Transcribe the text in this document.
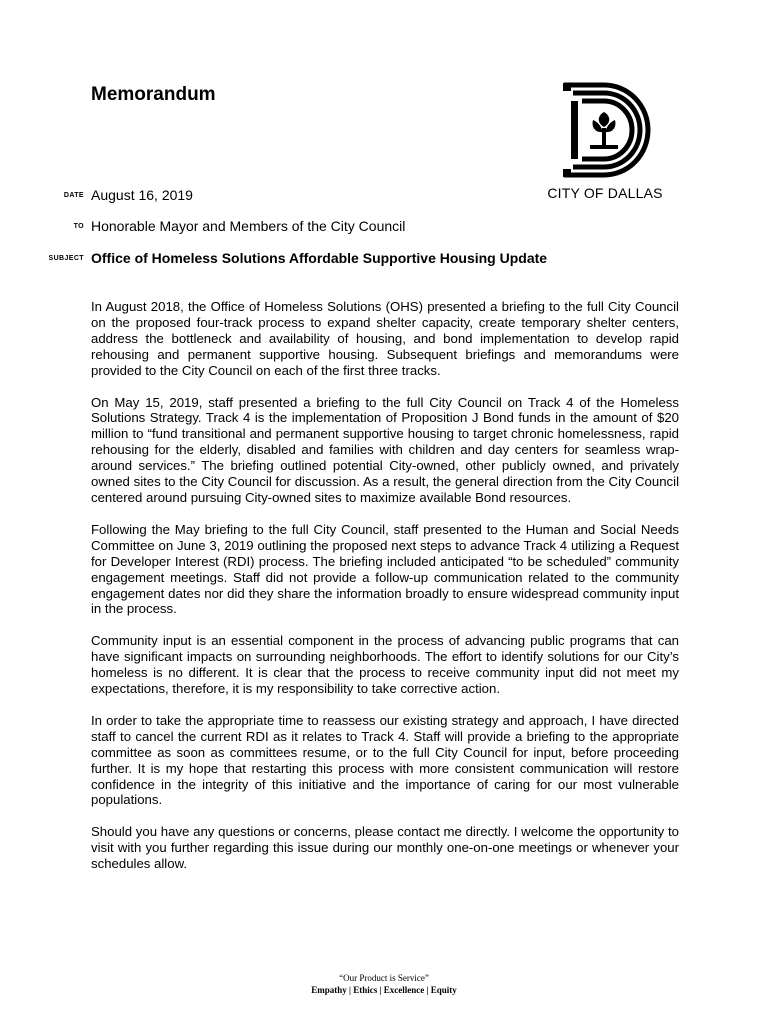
Memorandum
CITY OF DALLAS
DATE August 16, 2019
TO Honorable Mayor and Members of the City Council
SUBJECT Office of Homeless Solutions Affordable Supportive Housing Update

In August 2018, the Office of Homeless Solutions (OHS) presented a briefing to the full City Council on the proposed four-track process to expand shelter capacity, create temporary shelter centers, address the bottleneck and availability of housing, and bond implementation to develop rapid rehousing and permanent supportive housing. Subsequent briefings and memorandums were provided to the City Council on each of the first three tracks.

On May 15, 2019, staff presented a briefing to the full City Council on Track 4 of the Homeless Solutions Strategy. Track 4 is the implementation of Proposition J Bond funds in the amount of $20 million to “fund transitional and permanent supportive housing to target chronic homelessness, rapid rehousing for the elderly, disabled and families with children and day centers for seamless wrap-around services.” The briefing outlined potential City-owned, other publicly owned, and privately owned sites to the City Council for discussion. As a result, the general direction from the City Council centered around pursuing City-owned sites to maximize available Bond resources.

Following the May briefing to the full City Council, staff presented to the Human and Social Needs Committee on June 3, 2019 outlining the proposed next steps to advance Track 4 utilizing a Request for Developer Interest (RDI) process. The briefing included anticipated “to be scheduled” community engagement meetings. Staff did not provide a follow-up communication related to the community engagement dates nor did they share the information broadly to ensure widespread community input in the process.

Community input is an essential component in the process of advancing public programs that can have significant impacts on surrounding neighborhoods. The effort to identify solutions for our City’s homeless is no different. It is clear that the process to receive community input did not meet my expectations, therefore, it is my responsibility to take corrective action.

In order to take the appropriate time to reassess our existing strategy and approach, I have directed staff to cancel the current RDI as it relates to Track 4. Staff will provide a briefing to the appropriate committee as soon as committees resume, or to the full City Council for input, before proceeding further. It is my hope that restarting this process with more consistent communication will restore confidence in the integrity of this initiative and the importance of caring for our most vulnerable populations.

Should you have any questions or concerns, please contact me directly. I welcome the opportunity to visit with you further regarding this issue during our monthly one-on-one meetings or whenever your schedules allow.

“Our Product is Service”
Empathy | Ethics | Excellence | Equity
